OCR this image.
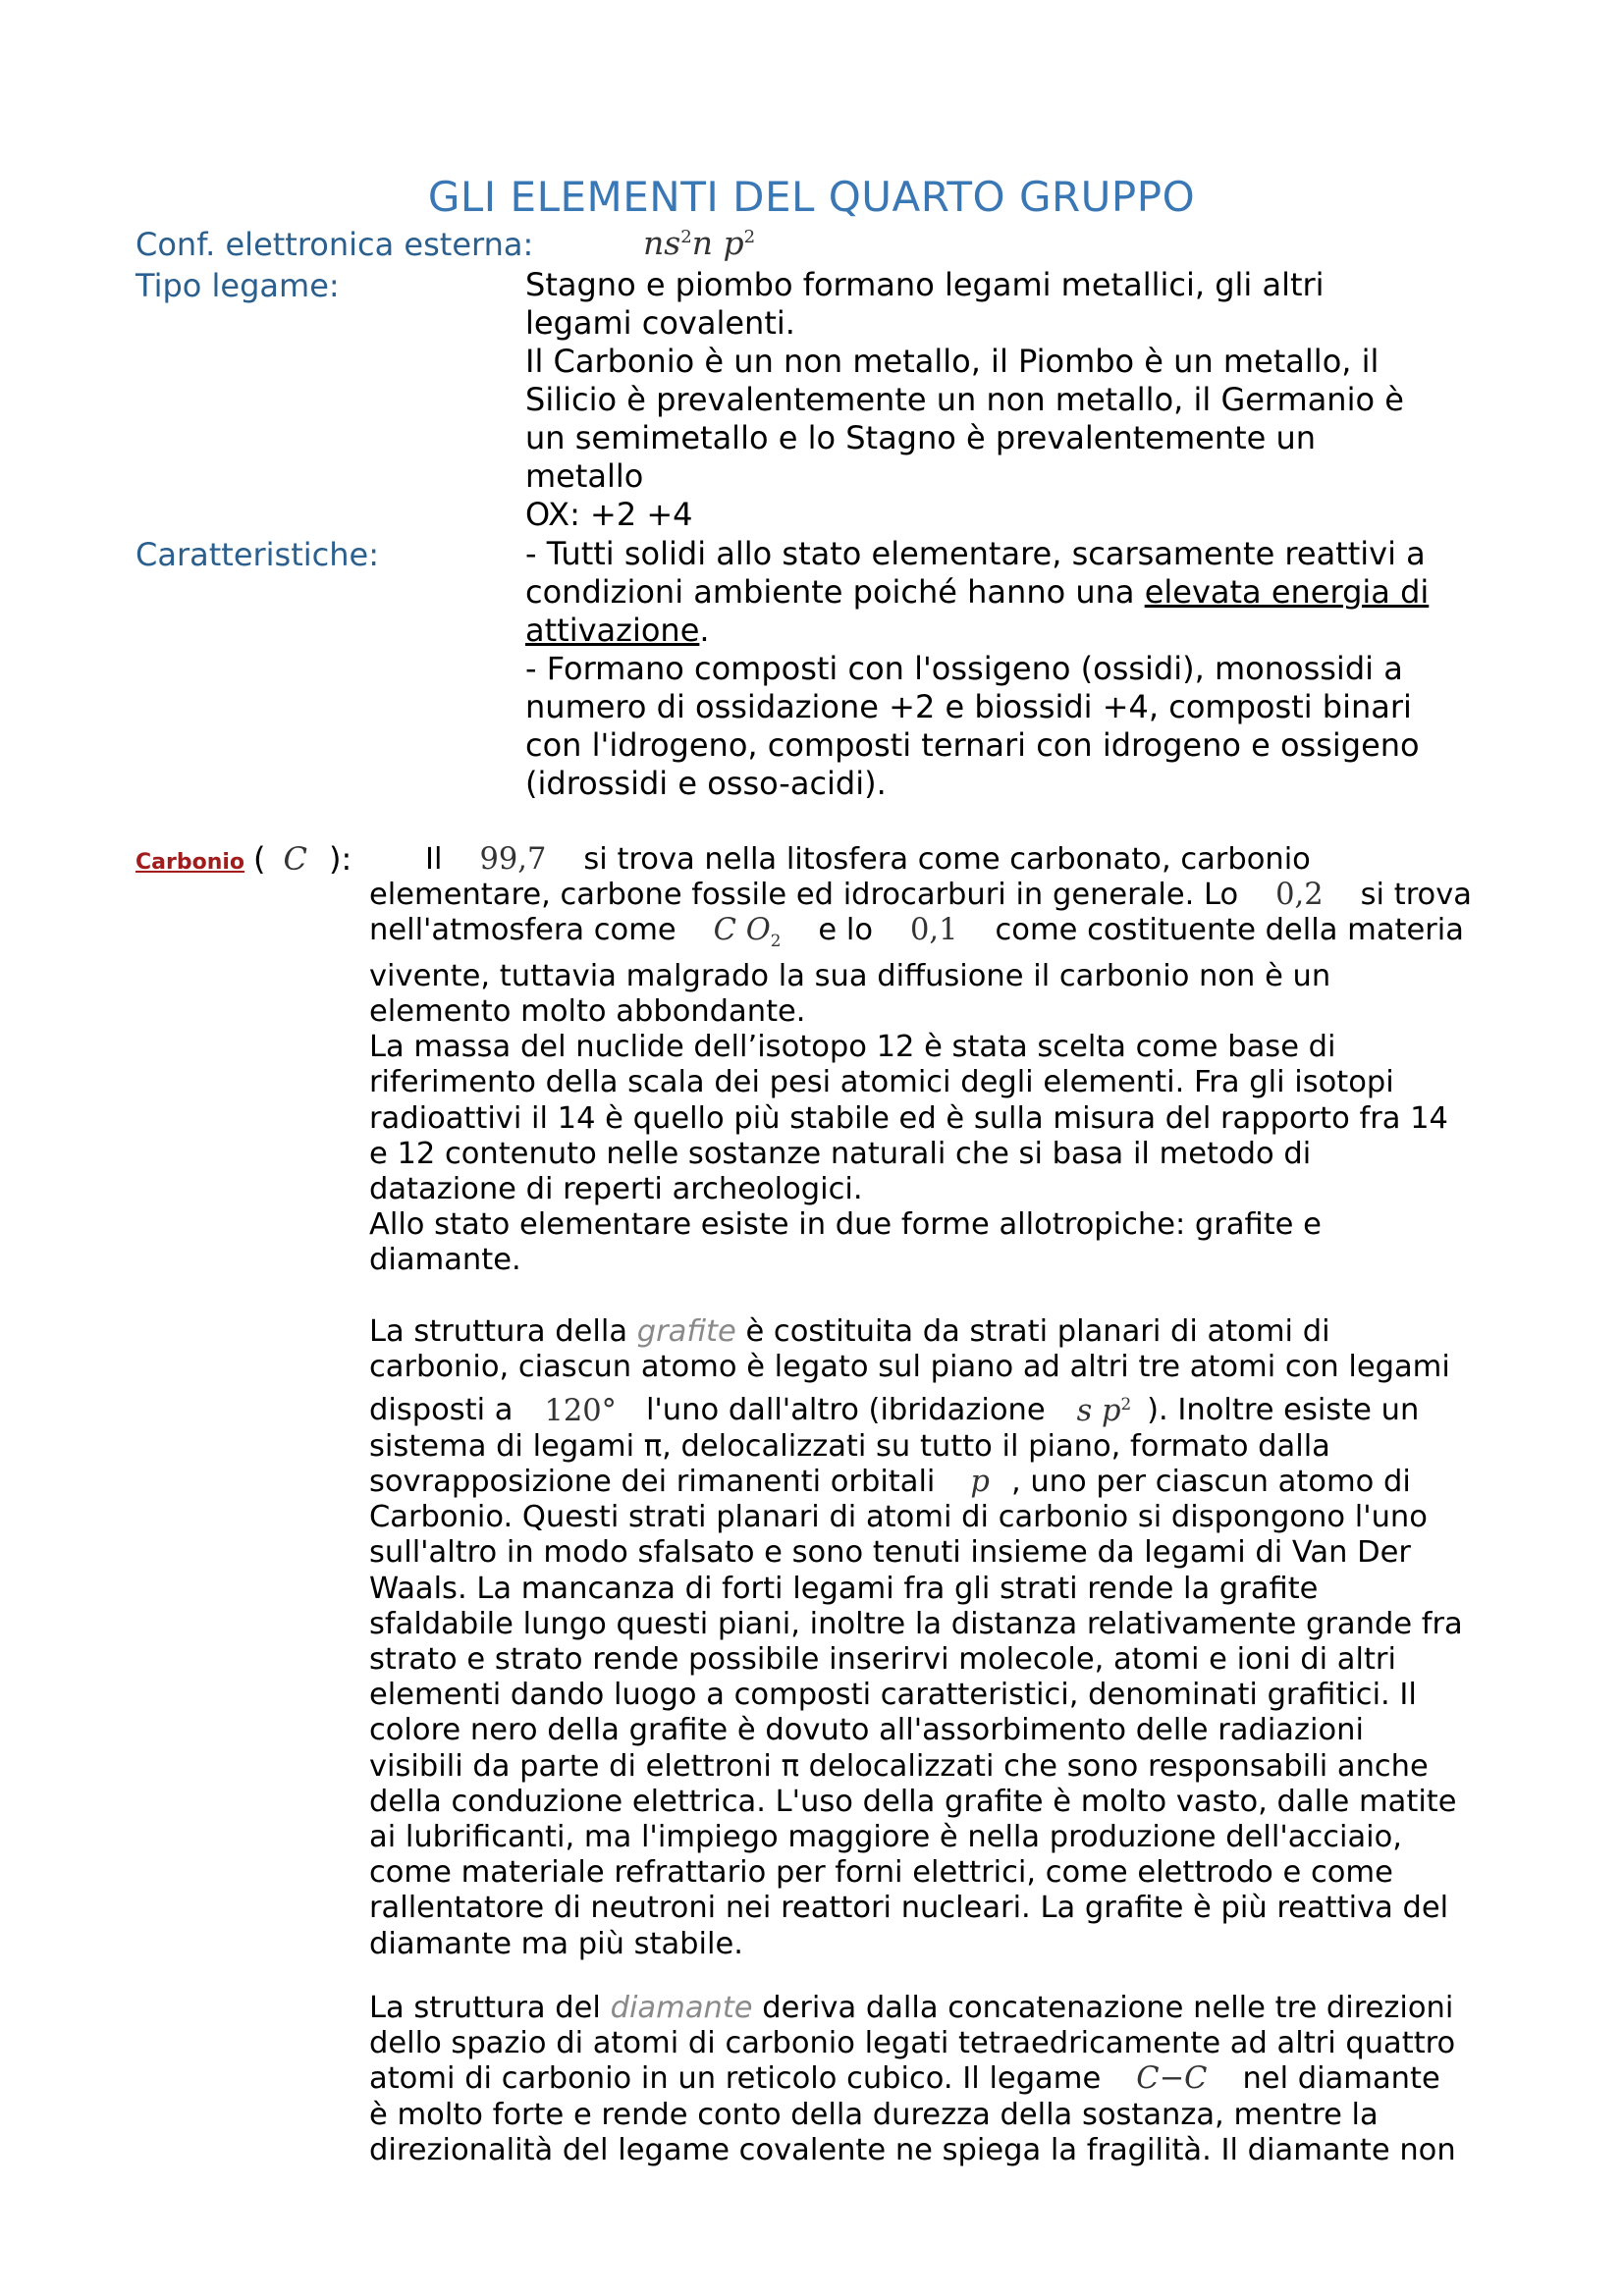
GLI ELEMENTI DEL QUARTO GRUPPO
Conf. elettronica esterna:	$ns^2n$ $p^2$
Tipo legame:	Stagno e piombo formano legami metallici, gli altri

legami covalenti.

Il Carbonio è un non metallo, il Piombo è un metallo, il

Silicio è prevalentemente un non metallo, il Germanio è

un semimetallo e lo Stagno è prevalentemente un

metallo

OX: +2 +4

Caratteristiche:	- Tutti solidi allo stato elementare, scarsamente reattivi a

condizioni ambiente poiché hanno una elevata energia di

attivazione.

- Formano composti con l'ossigeno (ossidi), monossidi a

numero di ossidazione +2 e biossidi +4, composti binari

con l'idrogeno, composti ternari con idrogeno e ossigeno

(idrossidi e osso-acidi).

Carbonio ( C ):	Il 99,7 si trova nella litosfera come carbonato, carbonio

elementare, carbone fossile ed idrocarburi in generale. Lo 0,2 si trova

nell'atmosfera come C $O_2$ e lo 0,1 come costituente della materia

vivente, tuttavia malgrado la sua diffusione il carbonio non è un

elemento molto abbondante.

La massa del nuclide dell’isotopo 12 è stata scelta come base di

riferimento della scala dei pesi atomici degli elementi. Fra gli isotopi

radioattivi il 14 è quello più stabile ed è sulla misura del rapporto fra 14

e 12 contenuto nelle sostanze naturali che si basa il metodo di

datazione di reperti archeologici.

Allo stato elementare esiste in due forme allotropiche: grafite e

diamante.

La struttura della grafite è costituita da strati planari di atomi di

carbonio, ciascun atomo è legato sul piano ad altri tre atomi con legami

disposti a 120° l'uno dall'altro (ibridazione s $p^2$ ). Inoltre esiste un

sistema di legami π, delocalizzati su tutto il piano, formato dalla

sovrapposizione dei rimanenti orbitali p , uno per ciascun atomo di

Carbonio. Questi strati planari di atomi di carbonio si dispongono l'uno

sull'altro in modo sfalsato e sono tenuti insieme da legami di Van Der

Waals. La mancanza di forti legami fra gli strati rende la grafite

sfaldabile lungo questi piani, inoltre la distanza relativamente grande fra

strato e strato rende possibile inserirvi molecole, atomi e ioni di altri

elementi dando luogo a composti caratteristici, denominati grafitici. Il

colore nero della grafite è dovuto all'assorbimento delle radiazioni

visibili da parte di elettroni π delocalizzati che sono responsabili anche

della conduzione elettrica. L'uso della grafite è molto vasto, dalle matite

ai lubrificanti, ma l'impiego maggiore è nella produzione dell'acciaio,

come materiale refrattario per forni elettrici, come elettrodo e come

rallentatore di neutroni nei reattori nucleari. La grafite è più reattiva del

diamante ma più stabile.

La struttura del diamante deriva dalla concatenazione nelle tre direzioni

dello spazio di atomi di carbonio legati tetraedricamente ad altri quattro

atomi di carbonio in un reticolo cubico. Il legame C−C nel diamante

è molto forte e rende conto della durezza della sostanza, mentre la

direzionalità del legame covalente ne spiega la fragilità. Il diamante non
